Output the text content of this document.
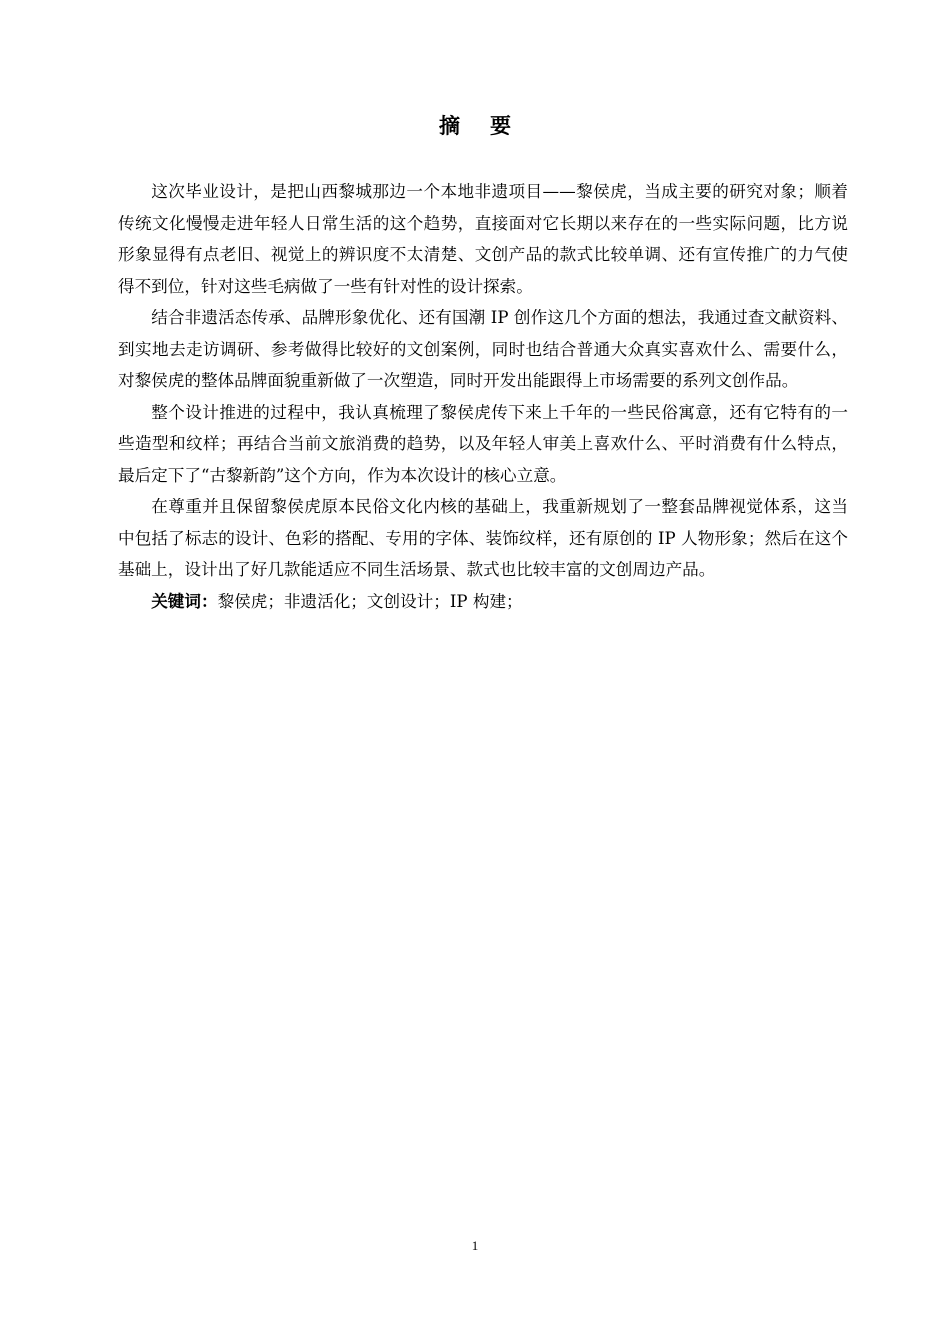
摘要

这次毕业设计，是把山西黎城那边一个本地非遗项目——黎侯虎，当成主要的研究对象；顺着传统文化慢慢走进年轻人日常生活的这个趋势，直接面对它长期以来存在的一些实际问题，比方说形象显得有点老旧、视觉上的辨识度不太清楚、文创产品的款式比较单调、还有宣传推广的力气使得不到位，针对这些毛病做了一些有针对性的设计探索。

结合非遗活态传承、品牌形象优化、还有国潮 IP 创作这几个方面的想法，我通过查文献资料、到实地去走访调研、参考做得比较好的文创案例，同时也结合普通大众真实喜欢什么、需要什么，对黎侯虎的整体品牌面貌重新做了一次塑造，同时开发出能跟得上市场需要的系列文创作品。

整个设计推进的过程中，我认真梳理了黎侯虎传下来上千年的一些民俗寓意，还有它特有的一些造型和纹样；再结合当前文旅消费的趋势，以及年轻人审美上喜欢什么、平时消费有什么特点，最后定下了“古黎新韵”这个方向，作为本次设计的核心立意。

在尊重并且保留黎侯虎原本民俗文化内核的基础上，我重新规划了一整套品牌视觉体系，这当中包括了标志的设计、色彩的搭配、专用的字体、装饰纹样，还有原创的 IP 人物形象；然后在这个基础上，设计出了好几款能适应不同生活场景、款式也比较丰富的文创周边产品。

关键词：黎侯虎；非遗活化；文创设计；IP 构建；

1
